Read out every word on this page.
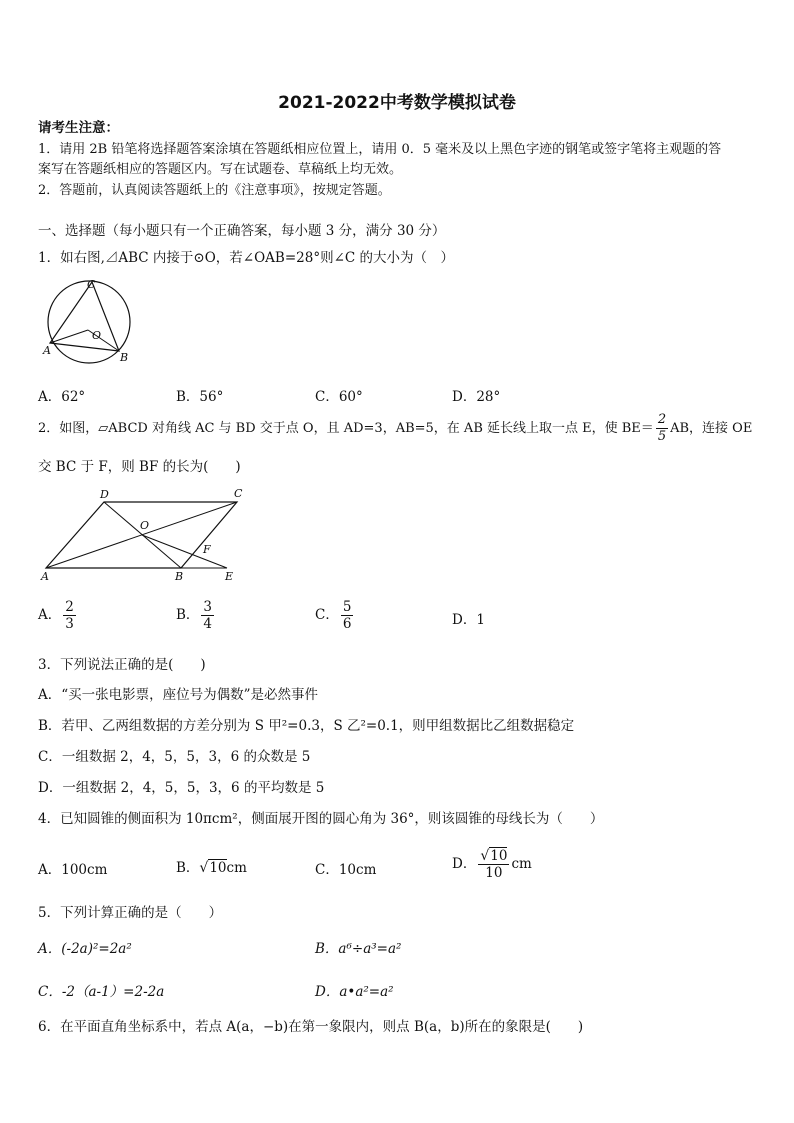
2021-2022中考数学模拟试卷
请考生注意：
1．请用 2B 铅笔将选择题答案涂填在答题纸相应位置上，请用 0．5 毫米及以上黑色字迹的钢笔或签字笔将主观题的答
案写在答题纸相应的答题区内。写在试题卷、草稿纸上均无效。
2．答题前，认真阅读答题纸上的《注意事项》，按规定答题。
一、选择题（每小题只有一个正确答案，每小题 3 分，满分 30 分）
1．如右图,⊿ABC 内接于⊙O，若∠OAB=28°则∠C 的大小为（　）
C
O
A
B
A．62°	B．56°	C．60°	D．28°
2．如图，▱ABCD 对角线 AC 与 BD 交于点 O，且 AD=3，AB=5，在 AB 延长线上取一点 E，使 $BE= \frac{2}{5}$ AB，连接 OE
交 BC 于 F，则 BF 的长为(　　)
D	C
O
F
A	B	E
A． $\frac{2}{3}$	B． $\frac{3}{4}$	C． $\frac{5}{6}$	D．1
3．下列说法正确的是(　　)
A．“买一张电影票，座位号为偶数”是必然事件
B．若甲、乙两组数据的方差分别为 S 甲²=0.3，S 乙²=0.1，则甲组数据比乙组数据稳定
C．一组数据 2，4，5，5，3，6 的众数是 5
D．一组数据 2，4，5，5，3，6 的平均数是 5
4．已知圆锥的侧面积为 10πcm²，侧面展开图的圆心角为 36°，则该圆锥的母线长为（　　）
A．100cm	B．√10cm	C．10cm	D． $\frac{√10}{10}$ cm
5．下列计算正确的是（　　）
A．(-2a)²=2a²	B．a⁶÷a³=a²
C．-2（a-1）=2-2a	D．a•a²=a²
6．在平面直角坐标系中，若点 A(a，−b)在第一象限内，则点 B(a，b)所在的象限是(　　)
